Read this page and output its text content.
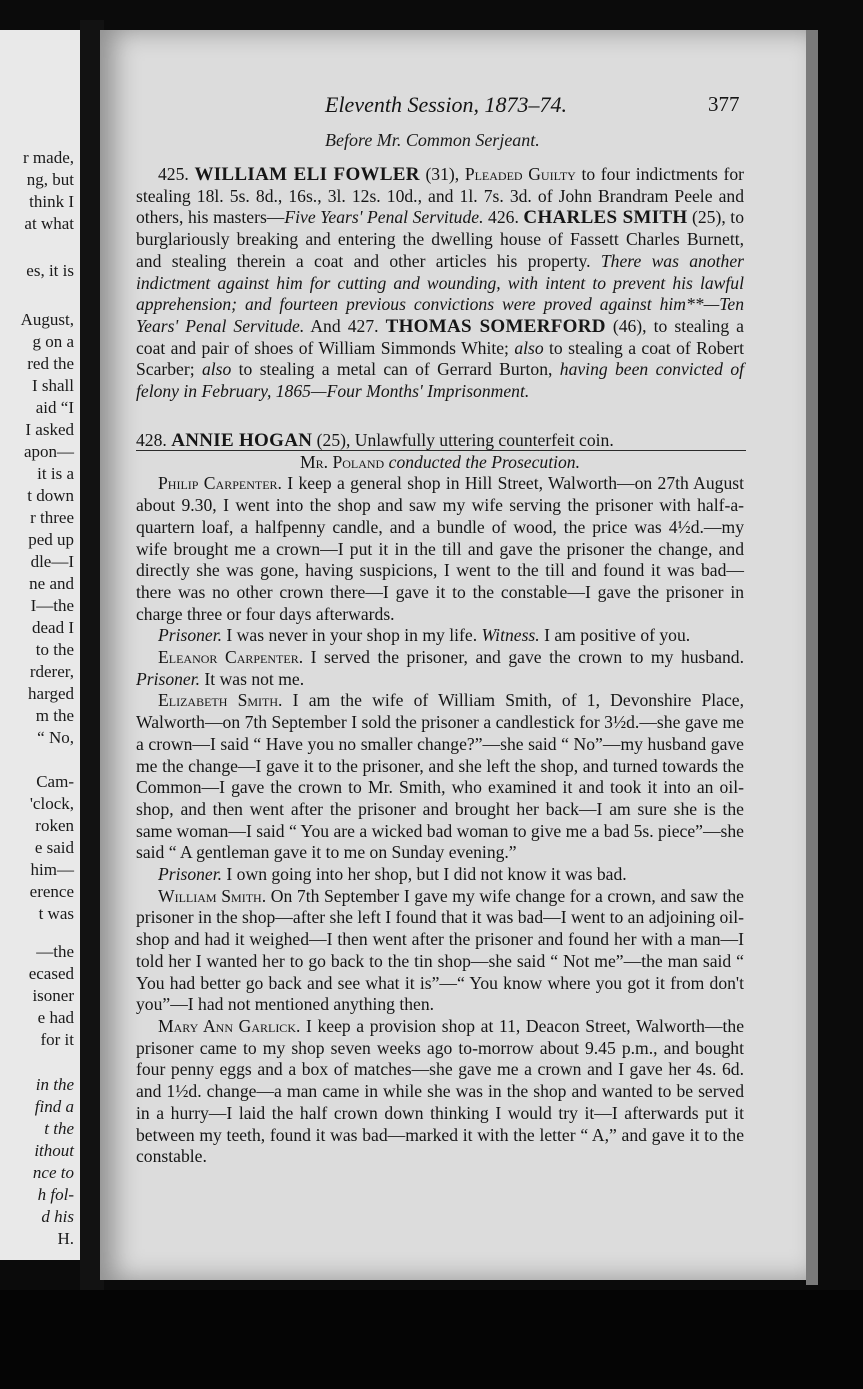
r made,
ng, but
think I
at what
es, it is
August,
g on a
red the
I shall
aid “I
I asked
apon—
it is a
t down
r three
ped up
dle—I
ne and
I—the
dead I
to the
rderer,
harged
m the
“ No,
Cam-
'clock,
roken
e said
him—
erence
t was
—the
ecased
isoner
e had
for it
in the
find a
t the
ithout
nce to
h fol-
d his
H.
Eleventh Session, 1873–74.	377
Before Mr. Common Serjeant.

425. WILLIAM ELI FOWLER (31), Pleaded Guilty to four indictments for stealing 18l. 5s. 8d., 16s., 3l. 12s. 10d., and 1l. 7s. 3d. of John Brandram Peele and others, his masters—Five Years' Penal Servitude. 426. CHARLES SMITH (25), to burglariously breaking and entering the dwelling house of Fassett Charles Burnett, and stealing therein a coat and other articles his property. There was another indictment against him for cutting and wounding, with intent to prevent his lawful apprehension; and fourteen previous convictions were proved against him**—Ten Years' Penal Servitude. And 427. THOMAS SOMERFORD (46), to stealing a coat and pair of shoes of William Simmonds White; also to stealing a coat of Robert Scarber; also to stealing a metal can of Gerrard Burton, having been convicted of felony in February, 1865—Four Months' Imprisonment.

428. ANNIE HOGAN (25), Unlawfully uttering counterfeit coin.

Mr. Poland conducted the Prosecution.

Philip Carpenter. I keep a general shop in Hill Street, Walworth—on 27th August about 9.30, I went into the shop and saw my wife serving the prisoner with half-a-quartern loaf, a halfpenny candle, and a bundle of wood, the price was 4½d.—my wife brought me a crown—I put it in the till and gave the prisoner the change, and directly she was gone, having suspicions, I went to the till and found it was bad—there was no other crown there—I gave it to the constable—I gave the prisoner in charge three or four days afterwards.

Prisoner. I was never in your shop in my life. Witness. I am positive of you.

Eleanor Carpenter. I served the prisoner, and gave the crown to my husband. Prisoner. It was not me.

Elizabeth Smith. I am the wife of William Smith, of 1, Devonshire Place, Walworth—on 7th September I sold the prisoner a candlestick for 3½d.—she gave me a crown—I said “ Have you no smaller change?”—she said “ No”—my husband gave me the change—I gave it to the prisoner, and she left the shop, and turned towards the Common—I gave the crown to Mr. Smith, who examined it and took it into an oil-shop, and then went after the prisoner and brought her back—I am sure she is the same woman—I said “ You are a wicked bad woman to give me a bad 5s. piece”—she said “ A gentleman gave it to me on Sunday evening.”

Prisoner. I own going into her shop, but I did not know it was bad.

William Smith. On 7th September I gave my wife change for a crown, and saw the prisoner in the shop—after she left I found that it was bad—I went to an adjoining oil-shop and had it weighed—I then went after the prisoner and found her with a man—I told her I wanted her to go back to the tin shop—she said “ Not me”—the man said “ You had better go back and see what it is”—“ You know where you got it from don't you”—I had not mentioned anything then.

Mary Ann Garlick. I keep a provision shop at 11, Deacon Street, Walworth—the prisoner came to my shop seven weeks ago to-morrow about 9.45 p.m., and bought four penny eggs and a box of matches—she gave me a crown and I gave her 4s. 6d. and 1½d. change—a man came in while she was in the shop and wanted to be served in a hurry—I laid the half crown down thinking I would try it—I afterwards put it between my teeth, found it was bad—marked it with the letter “ A,” and gave it to the constable.
